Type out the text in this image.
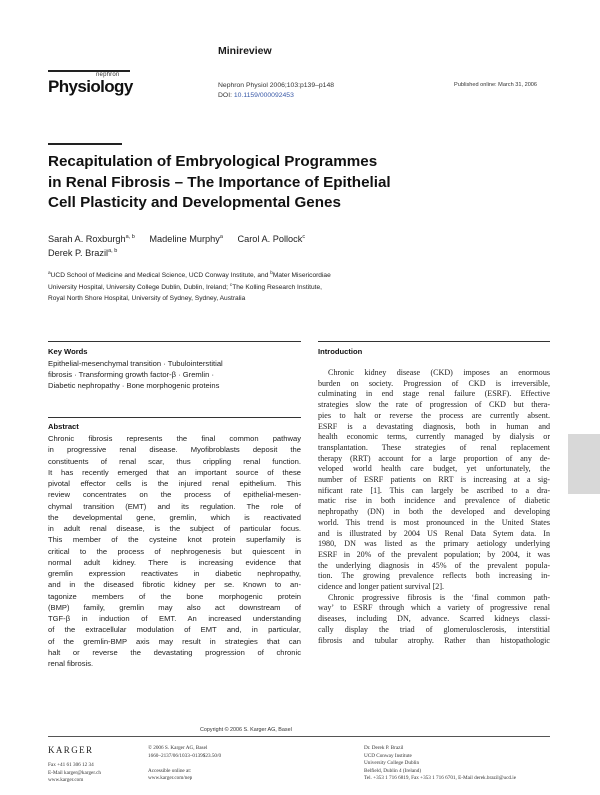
Minireview
nephron
Physiology	Nephron Physiol 2006;103:p139–p148
DOI: 10.1159/000092453
Published online: March 31, 2006
Recapitulation of Embryological Programmes
in Renal Fibrosis – The Importance of Epithelial
Cell Plasticity and Developmental Genes
Sarah A. Roxburgh$^{a, b}$ Madeline Murphy$^a$ Carol A. Pollock$^c$
Derek P. Brazil$^{a, b}$
$^a$UCD School of Medicine and Medical Science, UCD Conway Institute, and $^b$Mater Misericordiae
University Hospital, University College Dublin, Dublin, Ireland; $^c$The Kolling Research Institute,
Royal North Shore Hospital, University of Sydney, Sydney, Australia
Key Words
Epithelial-mesenchymal transition · Tubulointerstitial
fibrosis · Transforming growth factor-β · Gremlin ·
Diabetic nephropathy · Bone morphogenic proteins
Abstract
Chronic fibrosis represents the final common pathway
in progressive renal disease. Myofibroblasts deposit the
constituents of renal scar, thus crippling renal function.
It has recently emerged that an important source of these
pivotal effector cells is the injured renal epithelium. This
review concentrates on the process of epithelial-mesen-
chymal transition (EMT) and its regulation. The role of
the developmental gene, gremlin, which is reactivated
in adult renal disease, is the subject of particular focus.
This member of the cysteine knot protein superfamily is
critical to the process of nephrogenesis but quiescent in
normal adult kidney. There is increasing evidence that
gremlin expression reactivates in diabetic nephropathy,
and in the diseased fibrotic kidney per se. Known to an-
tagonize members of the bone morphogenic protein
(BMP) family, gremlin may also act downstream of
TGF-β in induction of EMT. An increased understanding
of the extracellular modulation of EMT and, in particular,
of the gremlin-BMP axis may result in strategies that can
halt or reverse the devastating progression of chronic
renal fibrosis.
Copyright © 2006 S. Karger AG, Basel
Introduction
Chronic kidney disease (CKD) imposes an enormous
burden on society. Progression of CKD is irreversible,
culminating in end stage renal failure (ESRF). Effective
strategies slow the rate of progression of CKD but thera-
pies to halt or reverse the process are currently absent.
ESRF is a devastating diagnosis, both in human and
health economic terms, currently managed by dialysis or
transplantation. These strategies of renal replacement
therapy (RRT) account for a large proportion of any de-
veloped world health care budget, yet unfortunately, the
number of ESRF patients on RRT is increasing at a sig-
nificant rate [1]. This can largely be ascribed to a dra-
matic rise in both incidence and prevalence of diabetic
nephropathy (DN) in both the developed and developing
world. This trend is most pronounced in the United States
and is illustrated by 2004 US Renal Data Sytem data. In
1980, DN was listed as the primary aetiology underlying
ESRF in 20% of the prevalent population; by 2004, it was
the underlying diagnosis in 45% of the prevalent popula-
tion. The growing prevalence reflects both increasing in-
cidence and longer patient survival [2].
Chronic progressive fibrosis is the ‘final common path-
way’ to ESRF through which a variety of progressive renal
diseases, including DN, advance. Scarred kidneys classi-
cally display the triad of glomerulosclerosis, interstitial
fibrosis and tubular atrophy. Rather than histopathologic
KARGER
Fax +41 61 306 12 34
E-Mail karger@karger.ch
www.karger.com
© 2006 S. Karger AG, Basel
1660–2137/06/1033–0139$23.50/0

Accessible online at:
www.karger.com/nep
Dr. Derek P. Brazil
UCD Conway Institute
University College Dublin
Belfield, Dublin 4 (Ireland)
Tel. +353 1 716 6819, Fax +353 1 716 6701, E-Mail derek.brazil@ucd.ie
